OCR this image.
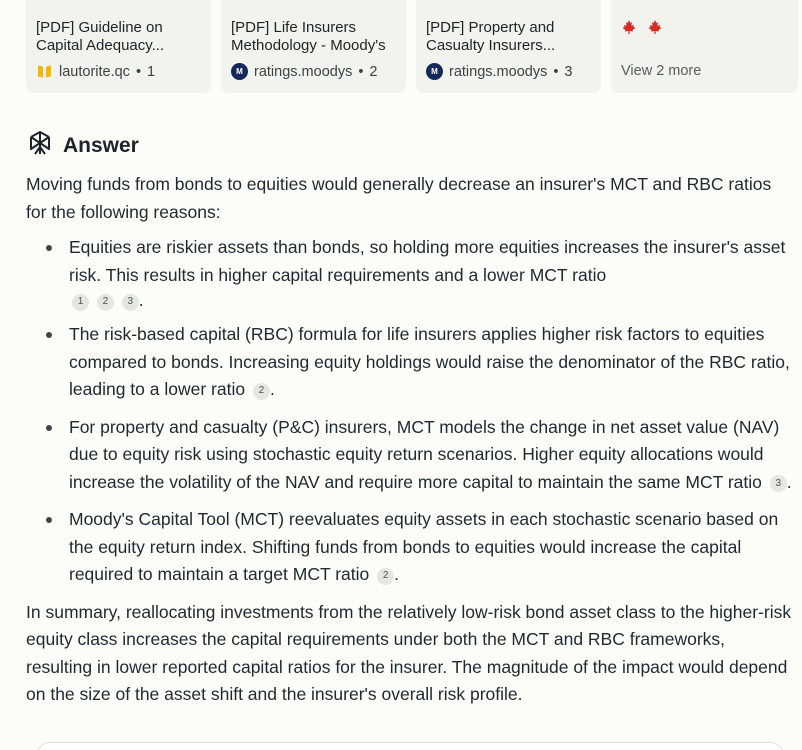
[PDF] Guideline on Capital Adequacy...
lautorite.qc • 1
[PDF] Life Insurers Methodology - Moody's
M ratings.moodys • 2
[PDF] Property and Casualty Insurers...
M ratings.moodys • 3	View 2 more
Answer

Moving funds from bonds to equities would generally decrease an insurer's MCT and RBC ratios for the following reasons:

Equities are riskier assets than bonds, so holding more equities increases the insurer's asset risk. This results in higher capital requirements and a lower MCT ratio
1 2 3 .
The risk-based capital (RBC) formula for life insurers applies higher risk factors to equities compared to bonds. Increasing equity holdings would raise the denominator of the RBC ratio, leading to a lower ratio 2 .
For property and casualty (P&C) insurers, MCT models the change in net asset value (NAV) due to equity risk using stochastic equity return scenarios. Higher equity allocations would increase the volatility of the NAV and require more capital to maintain the same MCT ratio 3 .
Moody's Capital Tool (MCT) reevaluates equity assets in each stochastic scenario based on the equity return index. Shifting funds from bonds to equities would increase the capital required to maintain a target MCT ratio 2 .

In summary, reallocating investments from the relatively low-risk bond asset class to the higher-risk equity class increases the capital requirements under both the MCT and RBC frameworks, resulting in lower reported capital ratios for the insurer. The magnitude of the impact would depend on the size of the asset shift and the insurer's overall risk profile.
